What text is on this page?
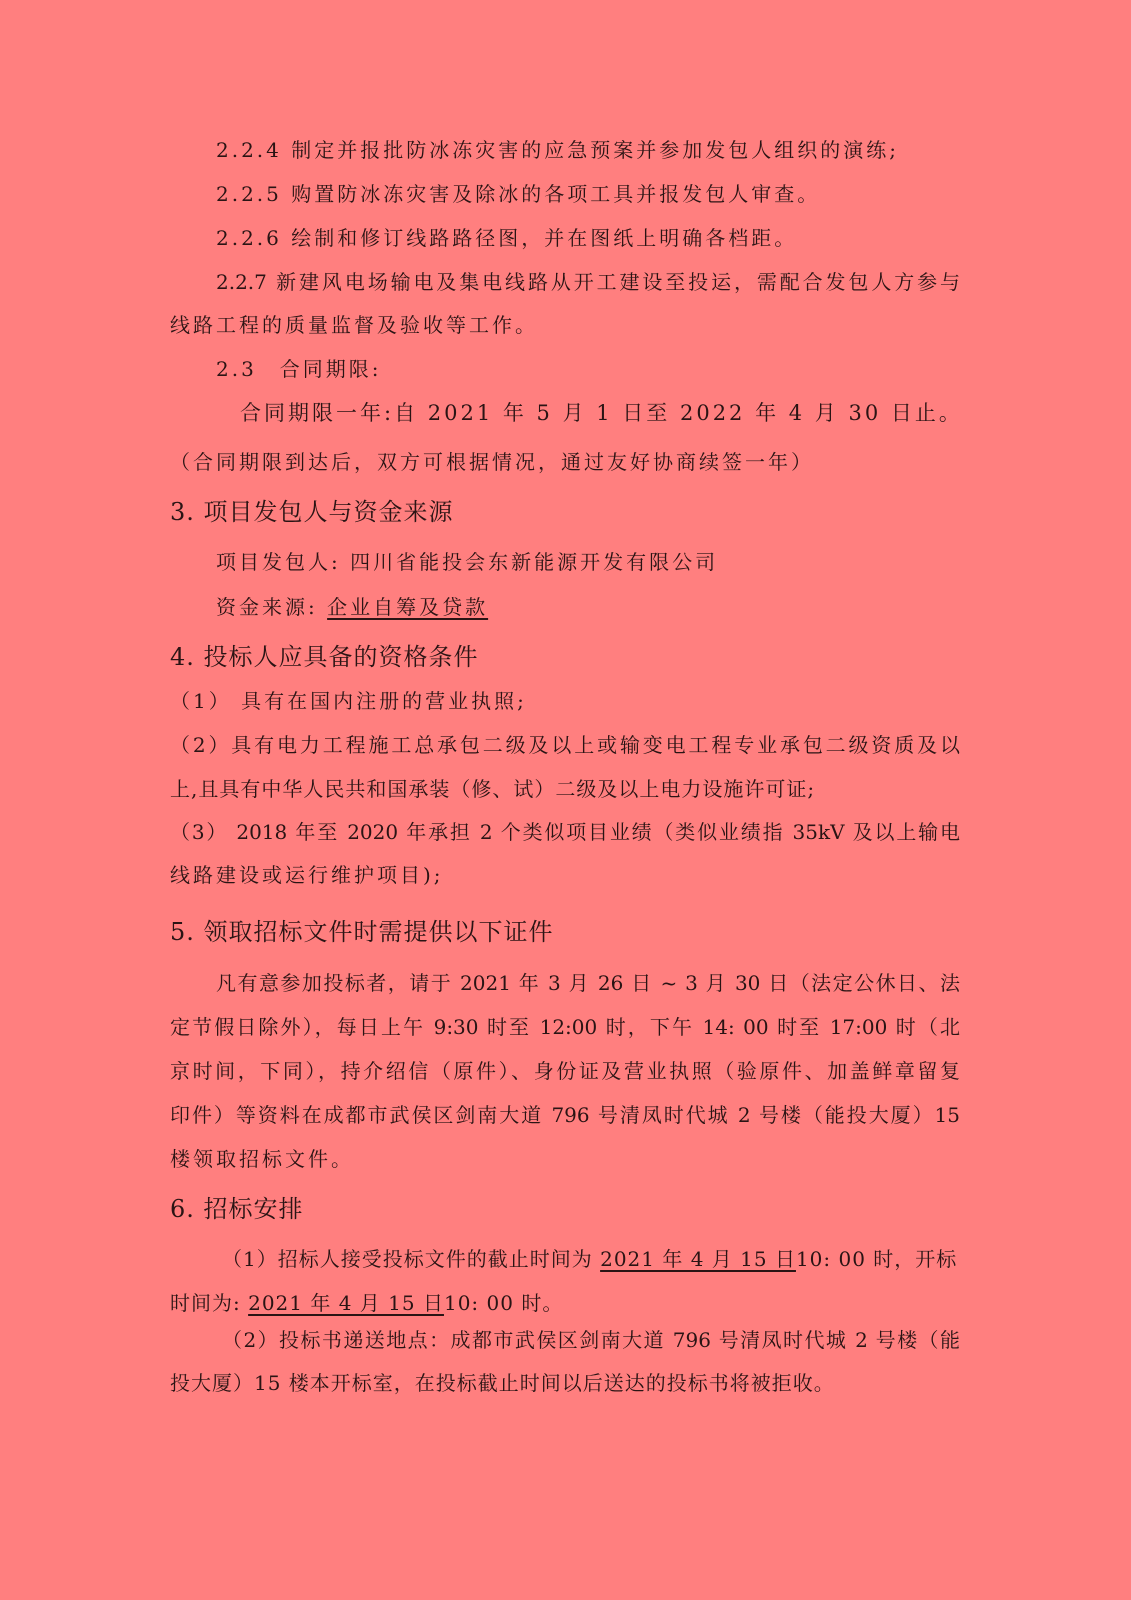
2.2.4 制定并报批防冰冻灾害的应急预案并参加发包人组织的演练;
2.2.5 购置防冰冻灾害及除冰的各项工具并报发包人审查。
2.2.6 绘制和修订线路路径图，并在图纸上明确各档距。
2.2.7 新建风电场输电及集电线路从开工建设至投运，需配合发包人方参与
线路工程的质量监督及验收等工作。
2.3　合同期限:
合同期限一年:自 2021 年 5 月 1 日至 2022 年 4 月 30 日止。
（合同期限到达后，双方可根据情况，通过友好协商续签一年）
3. 项目发包人与资金来源
项目发包人: 四川省能投会东新能源开发有限公司
资金来源: 企业自筹及贷款
4. 投标人应具备的资格条件
（1） 具有在国内注册的营业执照;
（2）具有电力工程施工总承包二级及以上或输变电工程专业承包二级资质及以
上,且具有中华人民共和国承装（修、试）二级及以上电力设施许可证;
（3） 2018 年至 2020 年承担 2 个类似项目业绩（类似业绩指 35kV 及以上输电
线路建设或运行维护项目);
5. 领取招标文件时需提供以下证件
凡有意参加投标者，请于 2021 年 3 月 26 日 ~ 3 月 30 日（法定公休日、法
定节假日除外），每日上午 9:30 时至 12:00 时，下午 14: 00 时至 17:00 时（北
京时间，下同），持介绍信（原件）、身份证及营业执照（验原件、加盖鲜章留复
印件）等资料在成都市武侯区剑南大道 796 号清凤时代城 2 号楼（能投大厦）15
楼领取招标文件。
6. 招标安排
（1）招标人接受投标文件的截止时间为 2021 年 4 月 15 日10: 00 时，开标
时间为: 2021 年 4 月 15 日10: 00 时。
（2）投标书递送地点：成都市武侯区剑南大道 796 号清凤时代城 2 号楼（能
投大厦）15 楼本开标室，在投标截止时间以后送达的投标书将被拒收。
